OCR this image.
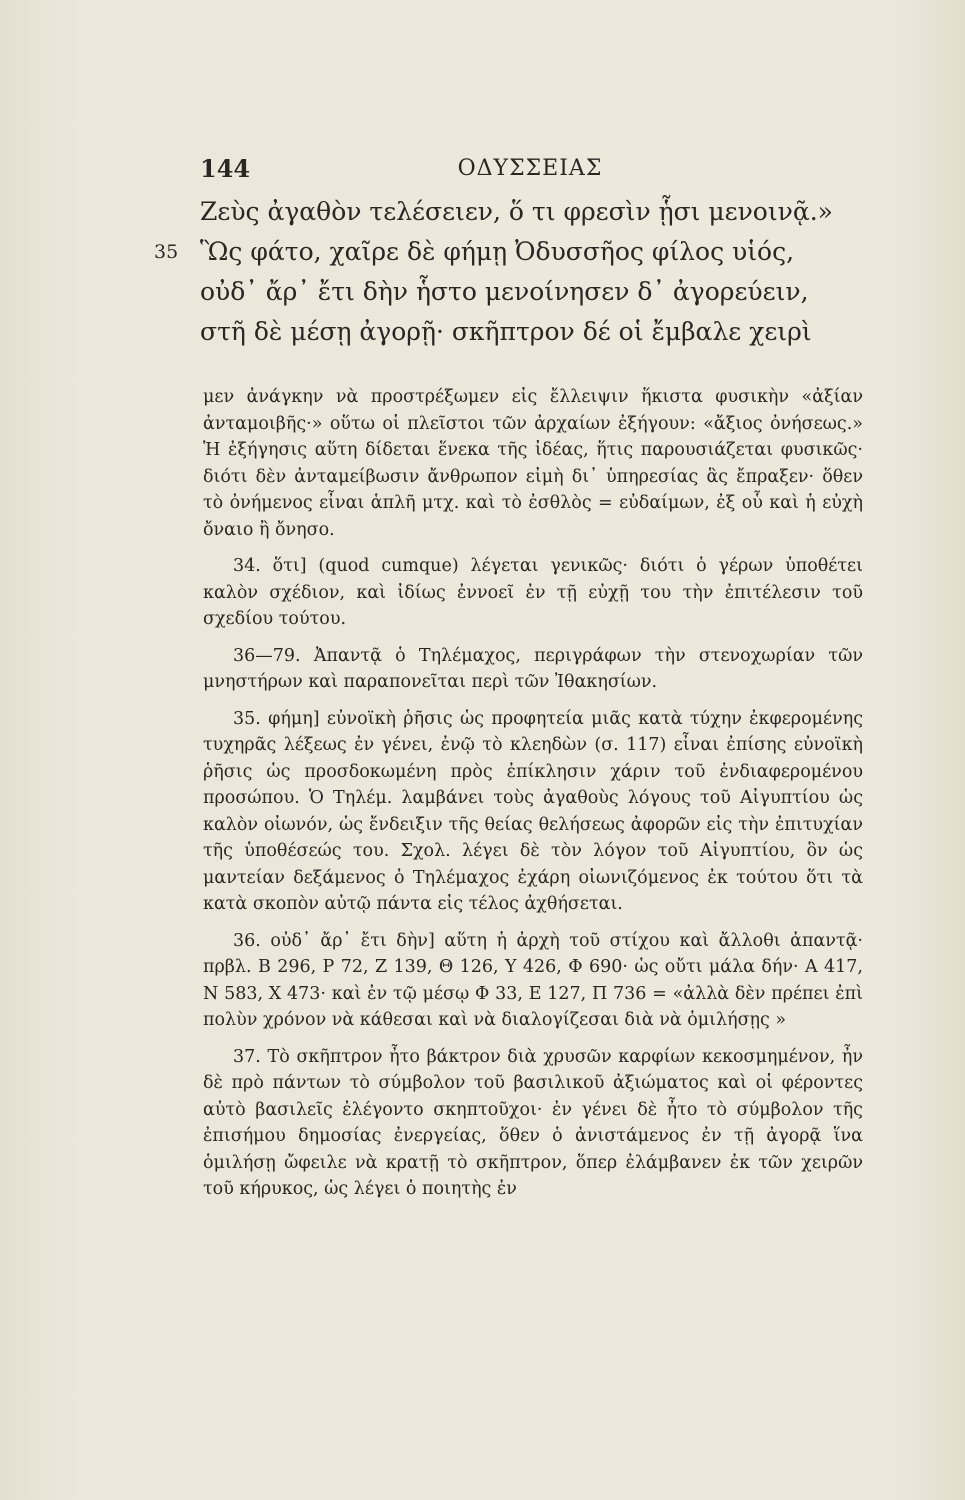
144	ΟΔΥΣΣΕΙΑΣ
Ζεὺς ἀγαθὸν τελέσειεν, ὅ τι φρεσὶν ᾗσι μενοινᾷ.»
35 Ὣς φάτο, χαῖρε δὲ φήμῃ Ὀδυσσῆος φίλος υἱός,
οὐδ᾽ ἄρ᾽ ἔτι δὴν ἧστο μενοίνησεν δ᾽ ἀγορεύειν,
στῆ δὲ μέσῃ ἀγορῇ· σκῆπτρον δέ οἱ ἔμβαλε χειρὶ

μεν ἀνάγκην νὰ προστρέξωμεν εἰς ἔλλειψιν ἥκιστα φυσικὴν «ἀξίαν ἀνταμοιβῆς·» οὕτω οἱ πλεῖστοι τῶν ἀρχαίων ἐξήγουν: «ἄξιος ὀνήσεως.» Ἡ ἐξήγησις αὕτη δίδεται ἕνεκα τῆς ἰδέας, ἥτις παρουσιάζεται φυσικῶς· διότι δὲν ἀνταμείβωσιν ἄνθρωπον εἰμὴ δι᾽ ὑπηρεσίας ἃς ἔπραξεν· ὅθεν τὸ ὀνήμενος εἶναι ἁπλῆ μτχ. καὶ τὸ ἐσθλὸς = εὐδαίμων, ἐξ οὗ καὶ ἡ εὐχὴ ὄναιο ἢ ὄνησο.

34. ὅτι] (quod cumque) λέγεται γενικῶς· διότι ὁ γέρων ὑποθέτει καλὸν σχέδιον, καὶ ἰδίως ἐννοεῖ ἐν τῇ εὐχῇ του τὴν ἐπιτέλεσιν τοῦ σχεδίου τούτου.

36—79. Ἀπαντᾷ ὁ Τηλέμαχος, περιγράφων τὴν στενοχωρίαν τῶν μνηστήρων καὶ παραπονεῖται περὶ τῶν Ἰθακησίων.

35. φήμη] εὐνοϊκὴ ῥῆσις ὡς προφητεία μιᾶς κατὰ τύχην ἐκφερομένης τυχηρᾶς λέξεως ἐν γένει, ἐνῷ τὸ κλεηδὼν (σ. 117) εἶναι ἐπίσης εὐνοϊκὴ ῥῆσις ὡς προσδοκωμένη πρὸς ἐπίκλησιν χάριν τοῦ ἐνδιαφερομένου προσώπου. Ὁ Τηλέμ. λαμβάνει τοὺς ἀγαθοὺς λόγους τοῦ Αἰγυπτίου ὡς καλὸν οἰωνόν, ὡς ἔνδειξιν τῆς θείας θελήσεως ἀφορῶν εἰς τὴν ἐπιτυχίαν τῆς ὑποθέσεώς του. Σχολ. λέγει δὲ τὸν λόγον τοῦ Αἰγυπτίου, ὃν ὡς μαντείαν δεξάμενος ὁ Τηλέμαχος ἐχάρη οἰωνιζόμενος ἐκ τούτου ὅτι τὰ κατὰ σκοπὸν αὐτῷ πάντα εἰς τέλος ἀχθήσεται.

36. οὐδ᾽ ἄρ᾽ ἔτι δὴν] αὕτη ἡ ἀρχὴ τοῦ στίχου καὶ ἄλλοθι ἀπαντᾷ· πρβλ. Β 296, Ρ 72, Ζ 139, Θ 126, Υ 426, Φ 690· ὡς οὔτι μάλα δήν· Α 417, Ν 583, Χ 473· καὶ ἐν τῷ μέσῳ Φ 33, Ε 127, Π 736 = «ἀλλὰ δὲν πρέπει ἐπὶ πολὺν χρόνον νὰ κάθεσαι καὶ νὰ διαλογίζεσαι διὰ νὰ ὁμιλήσῃς »

37. Τὸ σκῆπτρον ἦτο βάκτρον διὰ χρυσῶν καρφίων κεκοσμημένον, ἦν δὲ πρὸ πάντων τὸ σύμβολον τοῦ βασιλικοῦ ἀξιώματος καὶ οἱ φέροντες αὐτὸ βασιλεῖς ἐλέγοντο σκηπτοῦχοι· ἐν γένει δὲ ἦτο τὸ σύμβολον τῆς ἐπισήμου δημοσίας ἐνεργείας, ὅθεν ὁ ἀνιστάμενος ἐν τῇ ἀγορᾷ ἵνα ὁμιλήσῃ ὤφειλε νὰ κρατῇ τὸ σκῆπτρον, ὅπερ ἐλάμβανεν ἐκ τῶν χειρῶν τοῦ κήρυκος, ὡς λέγει ὁ ποιητὴς ἐν
